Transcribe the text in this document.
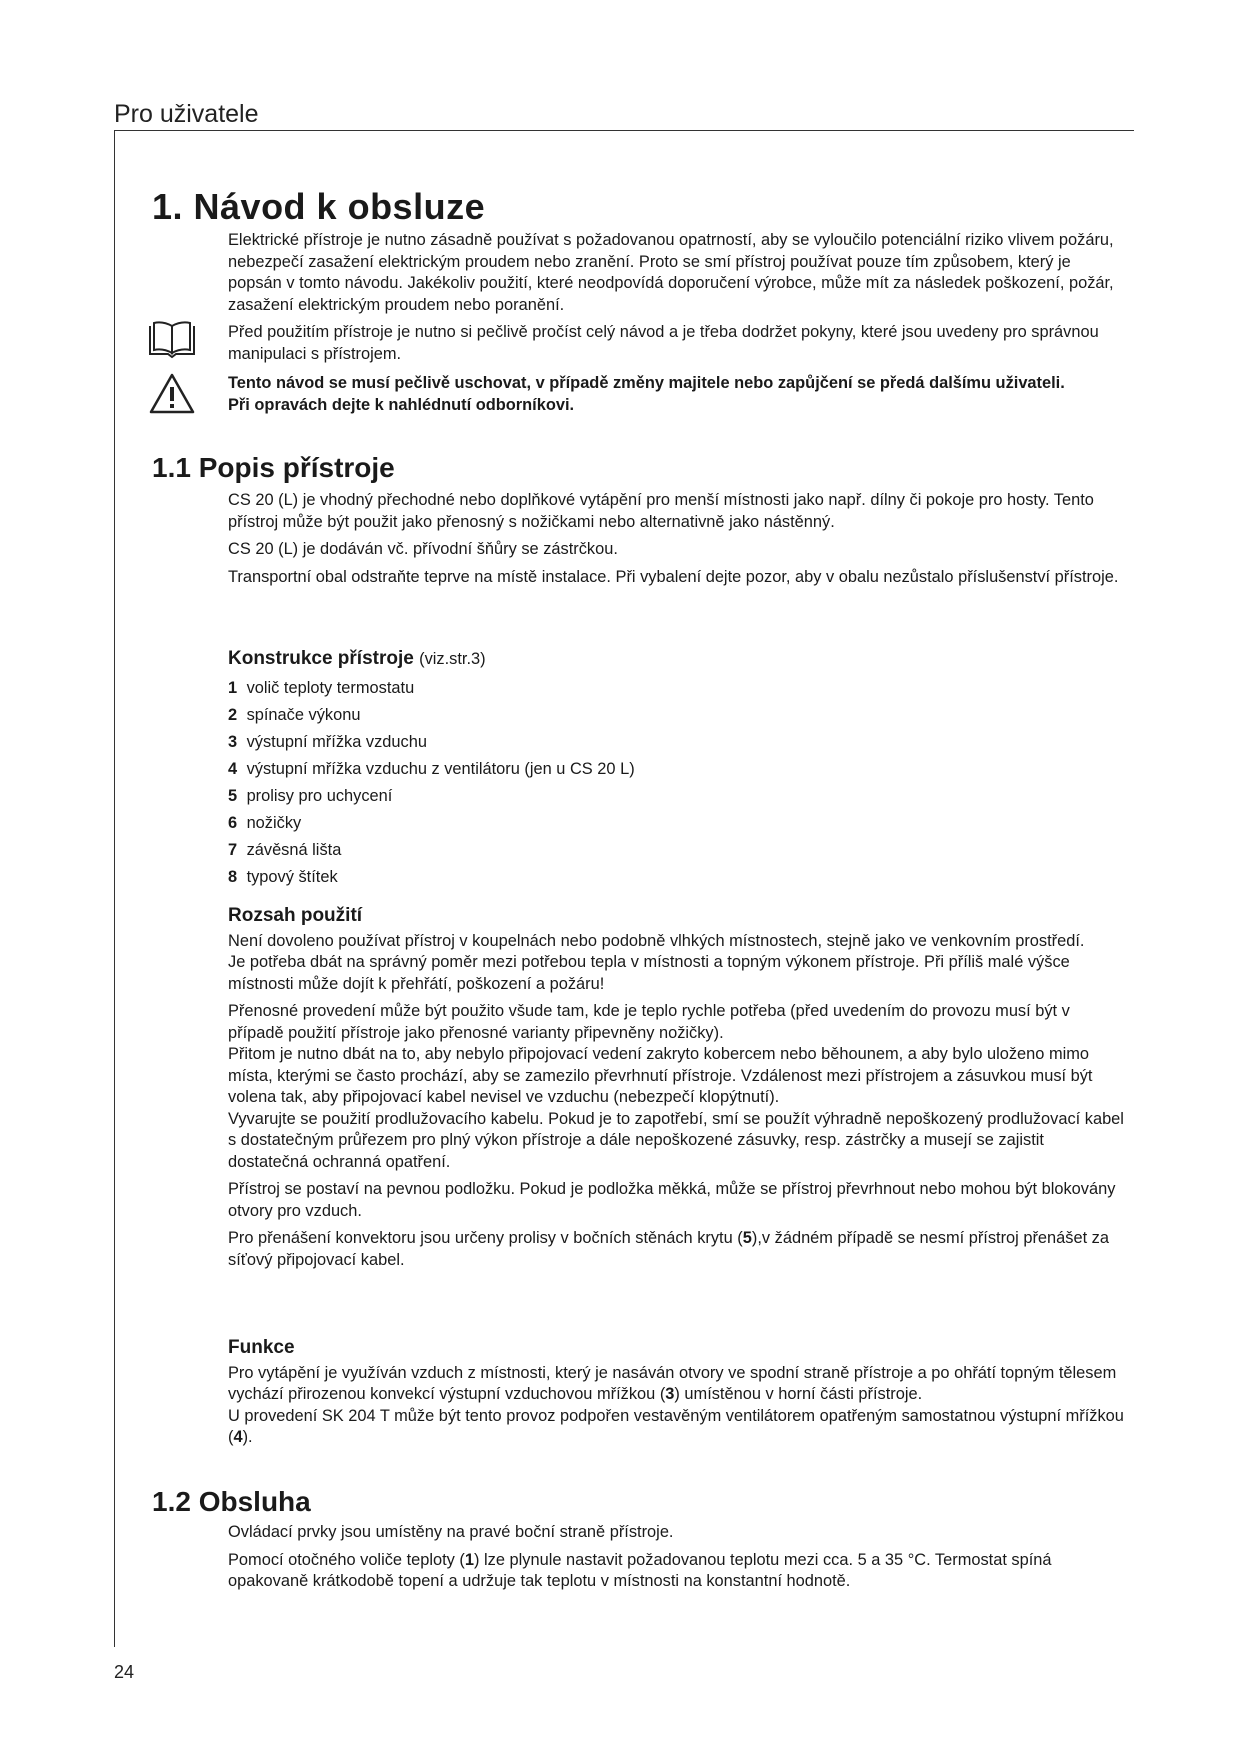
Pro uživatele
1. Návod k obsluze

Elektrické přístroje je nutno zásadně používat s požadovanou opatrností, aby se vyloučilo potenciální riziko vlivem požáru, nebezpečí zasažení elektrickým proudem nebo zranění. Proto se smí přístroj používat pouze tím způsobem, který je popsán v tomto návodu. Jakékoliv použití, které neodpovídá doporučení výrobce, může mít za následek poškození, požár, zasažení elektrickým proudem nebo poranění.

Před použitím přístroje je nutno si pečlivě pročíst celý návod a je třeba dodržet pokyny, které jsou uvedeny pro správnou manipulaci s přístrojem.

Tento návod se musí pečlivě uschovat, v případě změny majitele nebo zapůjčení se předá dalšímu uživateli.

Při opravách dejte k nahlédnutí odborníkovi.

1.1 Popis přístroje

CS 20 (L) je vhodný přechodné nebo doplňkové vytápění pro menší místnosti jako např. dílny či pokoje pro hosty. Tento přístroj může být použit jako přenosný s nožičkami nebo alternativně jako nástěnný.

CS 20 (L) je dodáván vč. přívodní šňůry se zástrčkou.

Transportní obal odstraňte teprve na místě instalace. Při vybalení dejte pozor, aby v obalu nezůstalo příslušenství přístroje.

Konstrukce přístroje (viz.str.3)
1 volič teploty termostatu
2 spínače výkonu
3 výstupní mřížka vzduchu
4 výstupní mřížka vzduchu z ventilátoru (jen u CS 20 L)
5 prolisy pro uchycení
6 nožičky
7 závěsná lišta
8 typový štítek
Rozsah použití

Není dovoleno používat přístroj v koupelnách nebo podobně vlhkých místnostech, stejně jako ve venkovním prostředí.

Je potřeba dbát na správný poměr mezi potřebou tepla v místnosti a topným výkonem přístroje. Při příliš malé výšce místnosti může dojít k přehřátí, poškození a požáru!

Přenosné provedení může být použito všude tam, kde je teplo rychle potřeba (před uvedením do provozu musí být v případě použití přístroje jako přenosné varianty připevněny nožičky).

Přitom je nutno dbát na to, aby nebylo připojovací vedení zakryto kobercem nebo běhounem, a aby bylo uloženo mimo místa, kterými se často prochází, aby se zamezilo převrhnutí přístroje. Vzdálenost mezi přístrojem a zásuvkou musí být volena tak, aby připojovací kabel nevisel ve vzduchu (nebezpečí klopýtnutí).

Vyvarujte se použití prodlužovacího kabelu. Pokud je to zapotřebí, smí se použít výhradně nepoškozený prodlužovací kabel s dostatečným průřezem pro plný výkon přístroje a dále nepoškozené zásuvky, resp. zástrčky a musejí se zajistit dostatečná ochranná opatření.

Přístroj se postaví na pevnou podložku. Pokud je podložka měkká, může se přístroj převrhnout nebo mohou být blokovány otvory pro vzduch.

Pro přenášení konvektoru jsou určeny prolisy v bočních stěnách krytu (5),v žádném případě se nesmí přístroj přenášet za síťový připojovací kabel.

Funkce

Pro vytápění je využíván vzduch z místnosti, který je nasáván otvory ve spodní straně přístroje a po ohřátí topným tělesem vychází přirozenou konvekcí výstupní vzduchovou mřížkou (3) umístěnou v horní části přístroje.

U provedení SK 204 T může být tento provoz podpořen vestavěným ventilátorem opatřeným samostatnou výstupní mřížkou (4).

1.2 Obsluha

Ovládací prvky jsou umístěny na pravé boční straně přístroje.

Pomocí otočného voliče teploty (1) lze plynule nastavit požadovanou teplotu mezi cca. 5 a 35 °C. Termostat spíná opakovaně krátkodobě topení a udržuje tak teplotu v místnosti na konstantní hodnotě.

24
